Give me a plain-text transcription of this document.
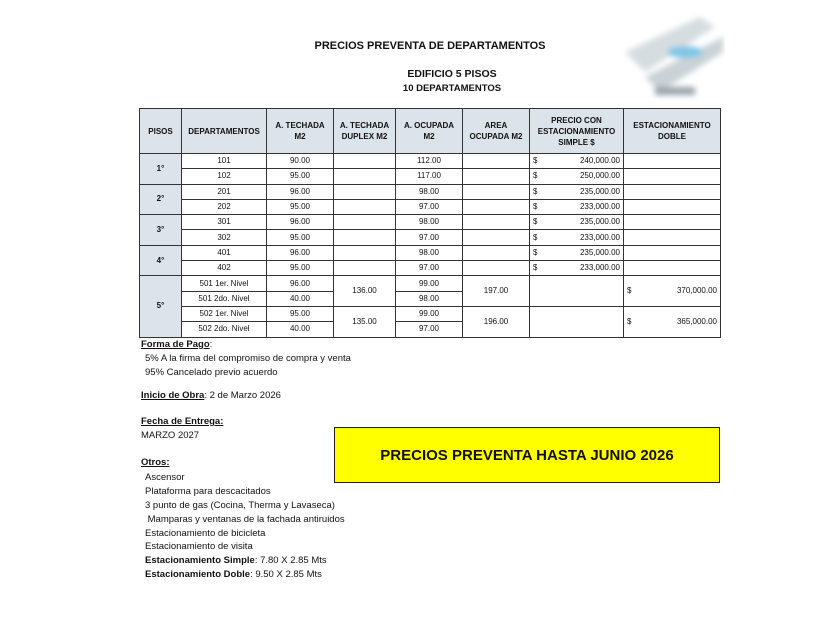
PRECIOS PREVENTA DE DEPARTAMENTOS
EDIFICIO 5 PISOS
10 DEPARTAMENTOS
PISOS	DEPARTAMENTOS	A. TECHADA M2	A. TECHADA DUPLEX M2	A. OCUPADA M2	AREA OCUPADA M2	PRECIO CON ESTACIONAMIENTO SIMPLE $	ESTACIONAMIENTO DOBLE
1°	101	90.00		112.00		$ 240,000.00	

	102	95.00		117.00		$ 250,000.00	

2°	201	96.00		98.00		$ 235,000.00	

	202	95.00		97.00		$ 233,000.00	

3°	301	96.00		98.00		$ 235,000.00	

	302	95.00		97.00		$ 233,000.00	

4°	401	96.00		98.00		$ 235,000.00	

	402	95.00		97.00		$ 233,000.00	

5°	501 1er. Nivel	96.00	136.00	99.00	197.00		$ 370,000.00

	501 2do. Nivel	40.00		98.00			
	502 1er. Nivel	95.00	135.00	99.00	196.00		$ 365,000.00

	502 2do. Nivel	40.00		97.00			
Forma de Pago:
5% A la firma del compromiso de compra y venta
95% Cancelado previo acuerdo
Inicio de Obra: 2 de Marzo 2026
Fecha de Entrega:
MARZO 2027
Otros:
Ascensor
Plataforma para descacitados
3 punto de gas (Cocina, Therma y Lavaseca)
Mamparas y ventanas de la fachada antiruidos
Estacionamiento de bicicleta
Estacionamiento de visita
Estacionamiento Simple: 7.80 X 2.85 Mts
Estacionamiento Doble: 9.50 X 2.85 Mts
PRECIOS PREVENTA HASTA JUNIO 2026
